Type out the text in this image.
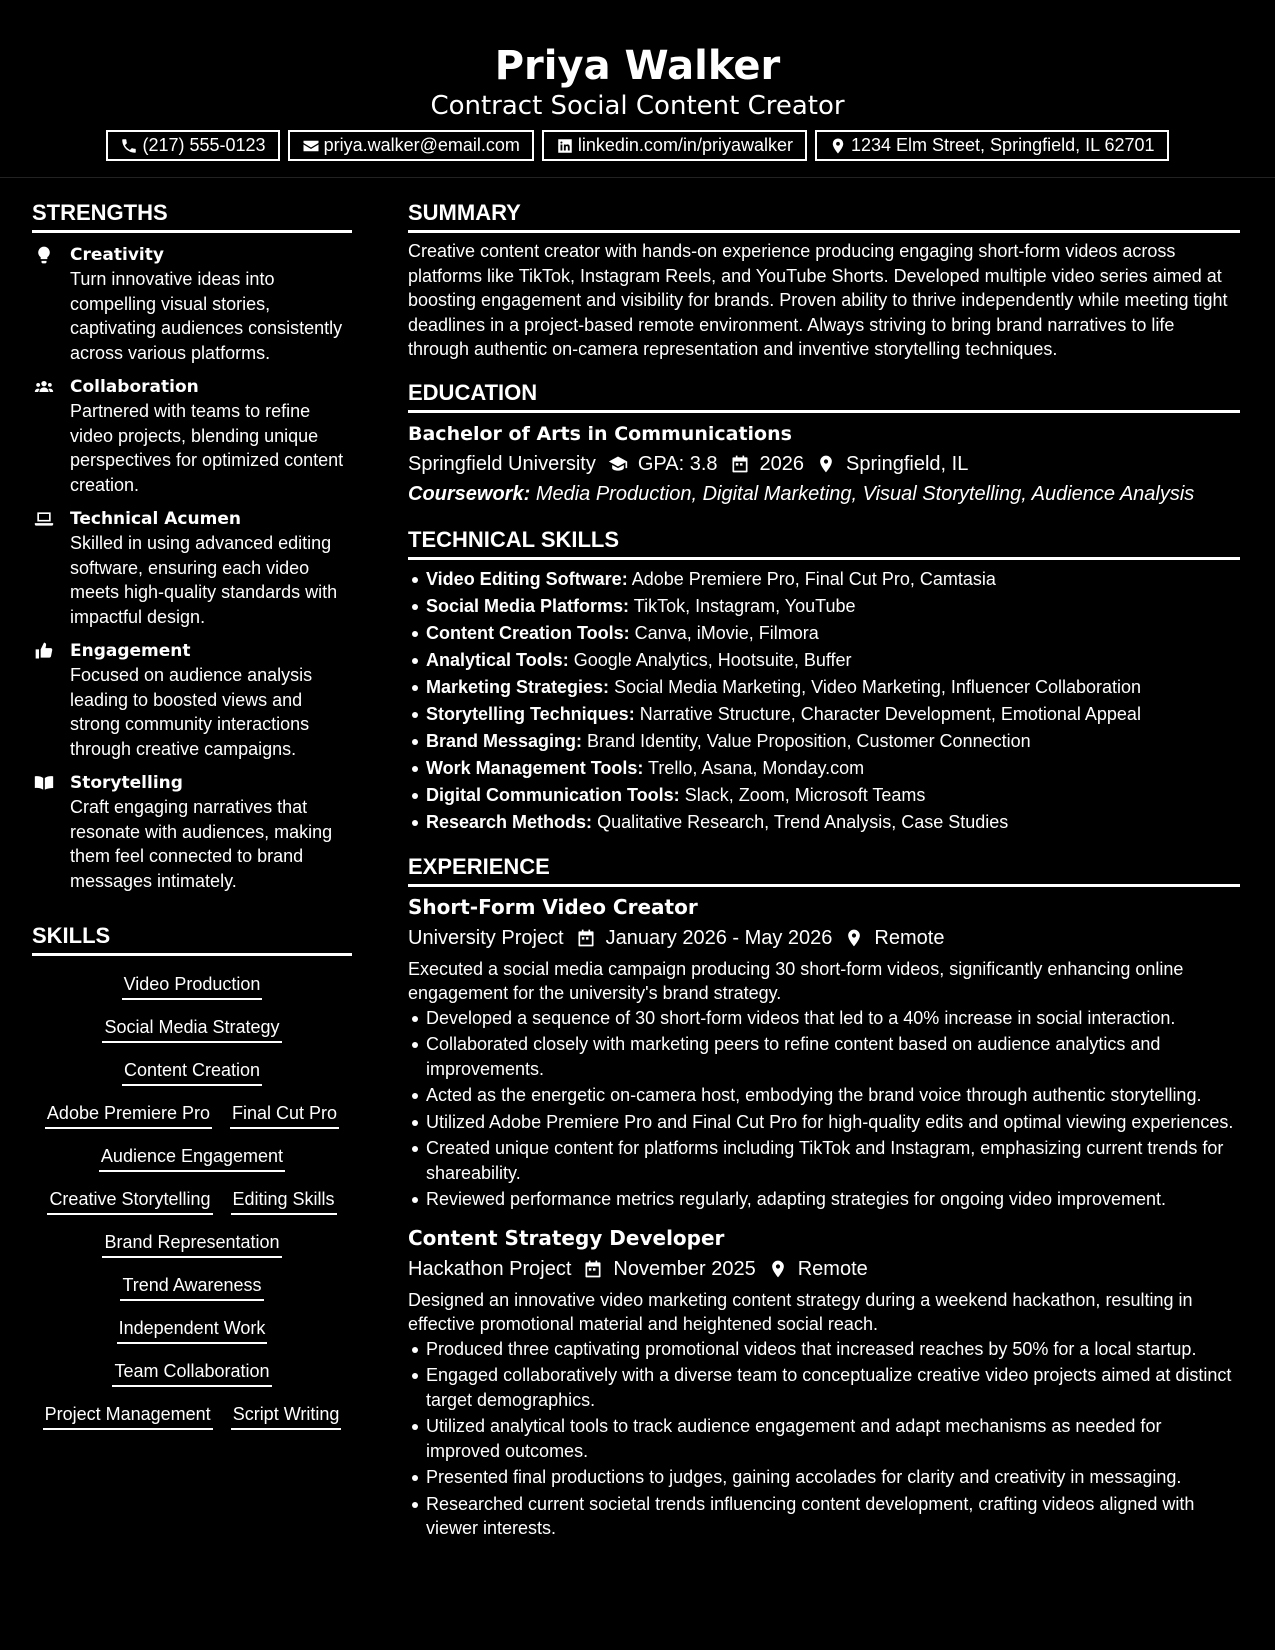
Priya Walker
Contract Social Content Creator
(217) 555-0123	priya.walker@email.com	linkedin.com/in/priyawalker	1234 Elm Street, Springfield, IL 62701
STRENGTHS
Creativity
Turn innovative ideas into compelling visual stories, captivating audiences consistently across various platforms.
Collaboration
Partnered with teams to refine video projects, blending unique perspectives for optimized content creation.
Technical Acumen
Skilled in using advanced editing software, ensuring each video meets high-quality standards with impactful design.
Engagement
Focused on audience analysis leading to boosted views and strong community interactions through creative campaigns.
Storytelling
Craft engaging narratives that resonate with audiences, making them feel connected to brand messages intimately.
SKILLS
Video Production
Social Media Strategy
Content Creation
Adobe Premiere Pro Final Cut Pro
Audience Engagement
Creative Storytelling Editing Skills
Brand Representation
Trend Awareness
Independent Work
Team Collaboration
Project Management Script Writing
SUMMARY
Creative content creator with hands-on experience producing engaging short-form videos across platforms like TikTok, Instagram Reels, and YouTube Shorts. Developed multiple video series aimed at boosting engagement and visibility for brands. Proven ability to thrive independently while meeting tight deadlines in a project-based remote environment. Always striving to bring brand narratives to life through authentic on-camera representation and inventive storytelling techniques.
EDUCATION
Bachelor of Arts in Communications
Springfield University GPA: 3.8 2026 Springfield, IL
Coursework: Media Production, Digital Marketing, Visual Storytelling, Audience Analysis
TECHNICAL SKILLS
Video Editing Software: Adobe Premiere Pro, Final Cut Pro, Camtasia
Social Media Platforms: TikTok, Instagram, YouTube
Content Creation Tools: Canva, iMovie, Filmora
Analytical Tools: Google Analytics, Hootsuite, Buffer
Marketing Strategies: Social Media Marketing, Video Marketing, Influencer Collaboration
Storytelling Techniques: Narrative Structure, Character Development, Emotional Appeal
Brand Messaging: Brand Identity, Value Proposition, Customer Connection
Work Management Tools: Trello, Asana, Monday.com
Digital Communication Tools: Slack, Zoom, Microsoft Teams
Research Methods: Qualitative Research, Trend Analysis, Case Studies
EXPERIENCE
Short-Form Video Creator
University Project January 2026 - May 2026 Remote
Executed a social media campaign producing 30 short-form videos, significantly enhancing online engagement for the university's brand strategy.
Developed a sequence of 30 short-form videos that led to a 40% increase in social interaction.
Collaborated closely with marketing peers to refine content based on audience analytics and improvements.
Acted as the energetic on-camera host, embodying the brand voice through authentic storytelling.
Utilized Adobe Premiere Pro and Final Cut Pro for high-quality edits and optimal viewing experiences.
Created unique content for platforms including TikTok and Instagram, emphasizing current trends for shareability.
Reviewed performance metrics regularly, adapting strategies for ongoing video improvement.
Content Strategy Developer
Hackathon Project November 2025 Remote
Designed an innovative video marketing content strategy during a weekend hackathon, resulting in effective promotional material and heightened social reach.
Produced three captivating promotional videos that increased reaches by 50% for a local startup.
Engaged collaboratively with a diverse team to conceptualize creative video projects aimed at distinct target demographics.
Utilized analytical tools to track audience engagement and adapt mechanisms as needed for improved outcomes.
Presented final productions to judges, gaining accolades for clarity and creativity in messaging.
Researched current societal trends influencing content development, crafting videos aligned with viewer interests.
